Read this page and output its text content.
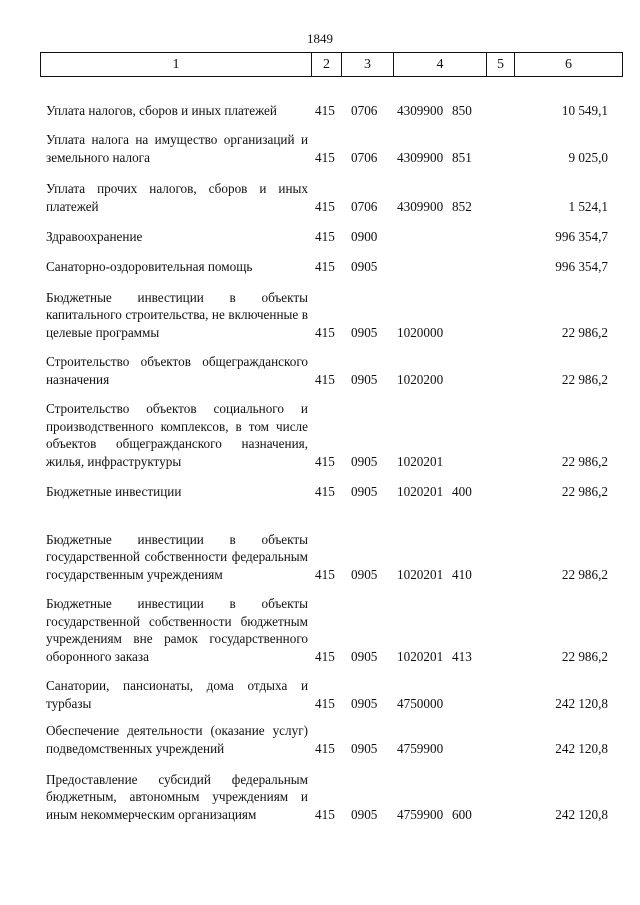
1849
1	2	3	4	5	6
Уплата налогов, сборов и иных платежей	415 0706 4309900 850	10 549,1
Уплата налога на имущество организаций и земельного налога	415 0706 4309900 851	9 025,0
Уплата прочих налогов, сборов и иных платежей	415 0706 4309900 852	1 524,1
Здравоохранение	415 0900	996 354,7
Санаторно-оздоровительная помощь	415 0905	996 354,7
Бюджетные инвестиции в объекты капитального строительства, не включенные в целевые программы	415 0905 1020000	22 986,2
Строительство объектов общегражданского назначения	415 0905 1020200	22 986,2
Строительство объектов социального и производственного комплексов, в том числе объектов общегражданского назначения, жилья, инфраструктуры	415 0905 1020201	22 986,2
Бюджетные инвестиции	415 0905 1020201 400	22 986,2
Бюджетные инвестиции в объекты государственной собственности федеральным государственным учреждениям	415 0905 1020201 410	22 986,2
Бюджетные инвестиции в объекты государственной собственности бюджетным учреждениям вне рамок государственного оборонного заказа	415 0905 1020201 413	22 986,2
Санатории, пансионаты, дома отдыха и турбазы	415 0905 4750000	242 120,8
Обеспечение деятельности (оказание услуг) подведомственных учреждений	415 0905 4759900	242 120,8
Предоставление субсидий федеральным бюджетным, автономным учреждениям и иным некоммерческим организациям	415 0905 4759900 600	242 120,8
